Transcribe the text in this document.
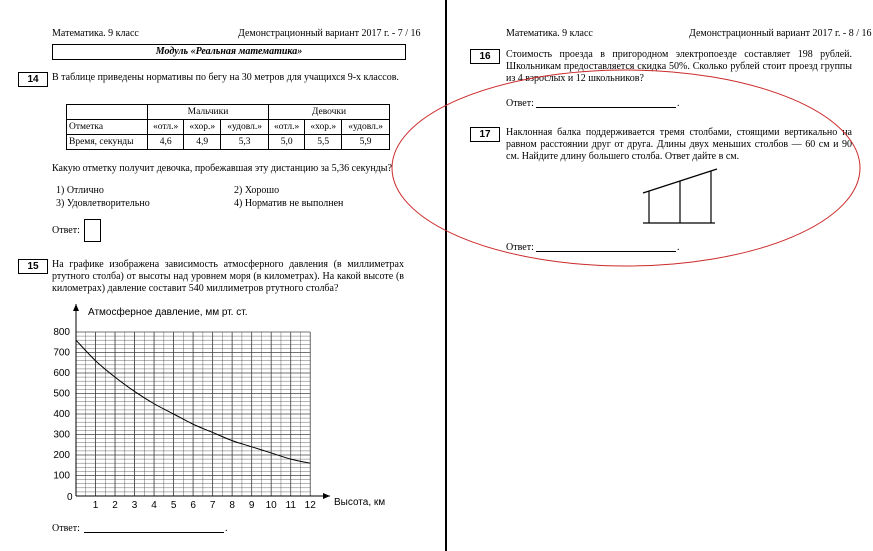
Математика. 9 класс	Демонстрационный вариант 2017 г. - 7 / 16
Модуль «Реальная математика»
14	В таблице приведены нормативы по бегу на 30 метров для учащихся 9-х классов.
	Мальчики			Девочки		
Отметка	«отл.»	«хор.»	«удовл.»	«отл.»	«хор.»	«удовл.»
Время, секунды	4,6	4,9	5,3	5,0	5,5	5,9
Какую отметку получит девочка, пробежавшая эту дистанцию за 5,36 секунды?
1) Отлично	2) Хорошо
3) Удовлетворительно	4) Норматив не выполнен
Ответ:
15	На графике изображена зависимость атмосферного давления (в миллиметрах ртутного столба) от высоты над уровнем моря (в километрах). На какой высоте (в километрах) давление составит 540 миллиметров ртутного столба?
1 2 3 4 5 6 7 8 9 10 11 12
800
700
600
500
400
300
200
100
Атмосферное давление, мм рт. ст.
Высота, км
0
Ответ:	.
Математика. 9 класс	Демонстрационный вариант 2017 г. - 8 / 16
16	Стоимость проезда в пригородном электропоезде составляет 198 рублей. Школьникам предоставляется скидка 50%. Сколько рублей стоит проезд группы из 4 взрослых и 12 школьников?
Ответ:	.
17	Наклонная балка поддерживается тремя столбами, стоящими вертикально на равном расстоянии друг от друга. Длины двух меньших столбов — 60 см и 90 см. Найдите длину большего столба. Ответ дайте в см.
Ответ:	.
